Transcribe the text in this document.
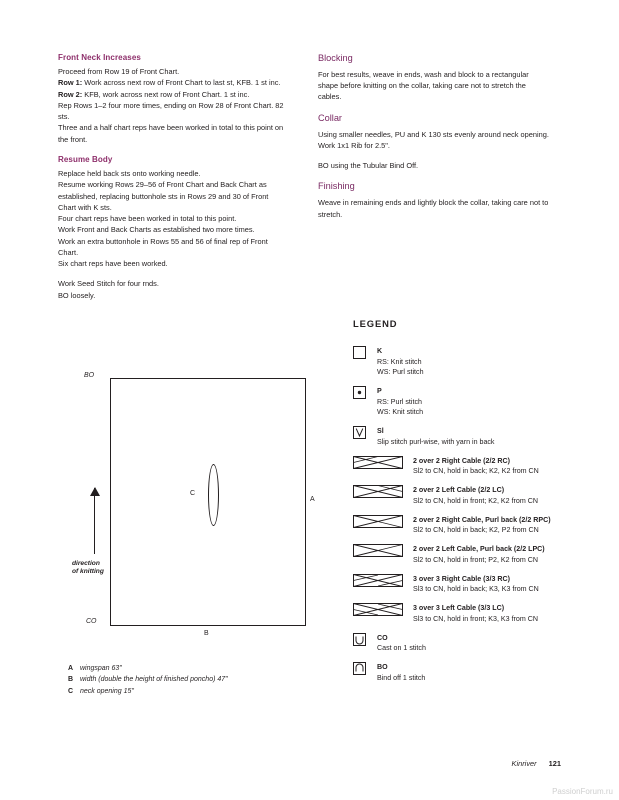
Front Neck Increases

Proceed from Row 19 of Front Chart.

Row 1: Work across next row of Front Chart to last st, KFB. 1 st inc.

Row 2: KFB, work across next row of Front Chart. 1 st inc.

Rep Rows 1–2 four more times, ending on Row 28 of Front Chart. 82 sts.

Three and a half chart reps have been worked in total to this point on the front.

Resume Body

Replace held back sts onto working needle.

Resume working Rows 29–56 of Front Chart and Back Chart as established, replacing buttonhole sts in Rows 29 and 30 of Front Chart with K sts.

Four chart reps have been worked in total to this point.

Work Front and Back Charts as established two more times.

Work an extra buttonhole in Rows 55 and 56 of final rep of Front Chart.

Six chart reps have been worked.

Work Seed Stitch for four rnds.

BO loosely.

Blocking

For best results, weave in ends, wash and block to a rectangular shape before knitting on the collar, taking care not to stretch the cables.

Collar

Using smaller needles, PU and K 130 sts evenly around neck opening.

Work 1x1 Rib for 2.5".

BO using the Tubular Bind Off.

Finishing

Weave in remaining ends and lightly block the collar, taking care not to stretch.

BO
CO
A
B
C
direction
of knitting
A wingspan 63"
B width (double the height of finished poncho) 47"
C neck opening 15"
LEGEND
K
RS: Knit stitch
WS: Purl stitch
P
RS: Purl stitch
WS: Knit stitch
Sl
Slip stitch purl-wise, with yarn in back
2 over 2 Right Cable (2/2 RC)
Sl2 to CN, hold in back; K2, K2 from CN
2 over 2 Left Cable (2/2 LC)
Sl2 to CN, hold in front; K2, K2 from CN
2 over 2 Right Cable, Purl back (2/2 RPC)
Sl2 to CN, hold in back; K2, P2 from CN
2 over 2 Left Cable, Purl back (2/2 LPC)
Sl2 to CN, hold in front; P2, K2 from CN
3 over 3 Right Cable (3/3 RC)
Sl3 to CN, hold in back; K3, K3 from CN
3 over 3 Left Cable (3/3 LC)
Sl3 to CN, hold in front; K3, K3 from CN
CO
Cast on 1 stitch
BO
Bind off 1 stitch
Kinriver 121
PassionForum.ru
